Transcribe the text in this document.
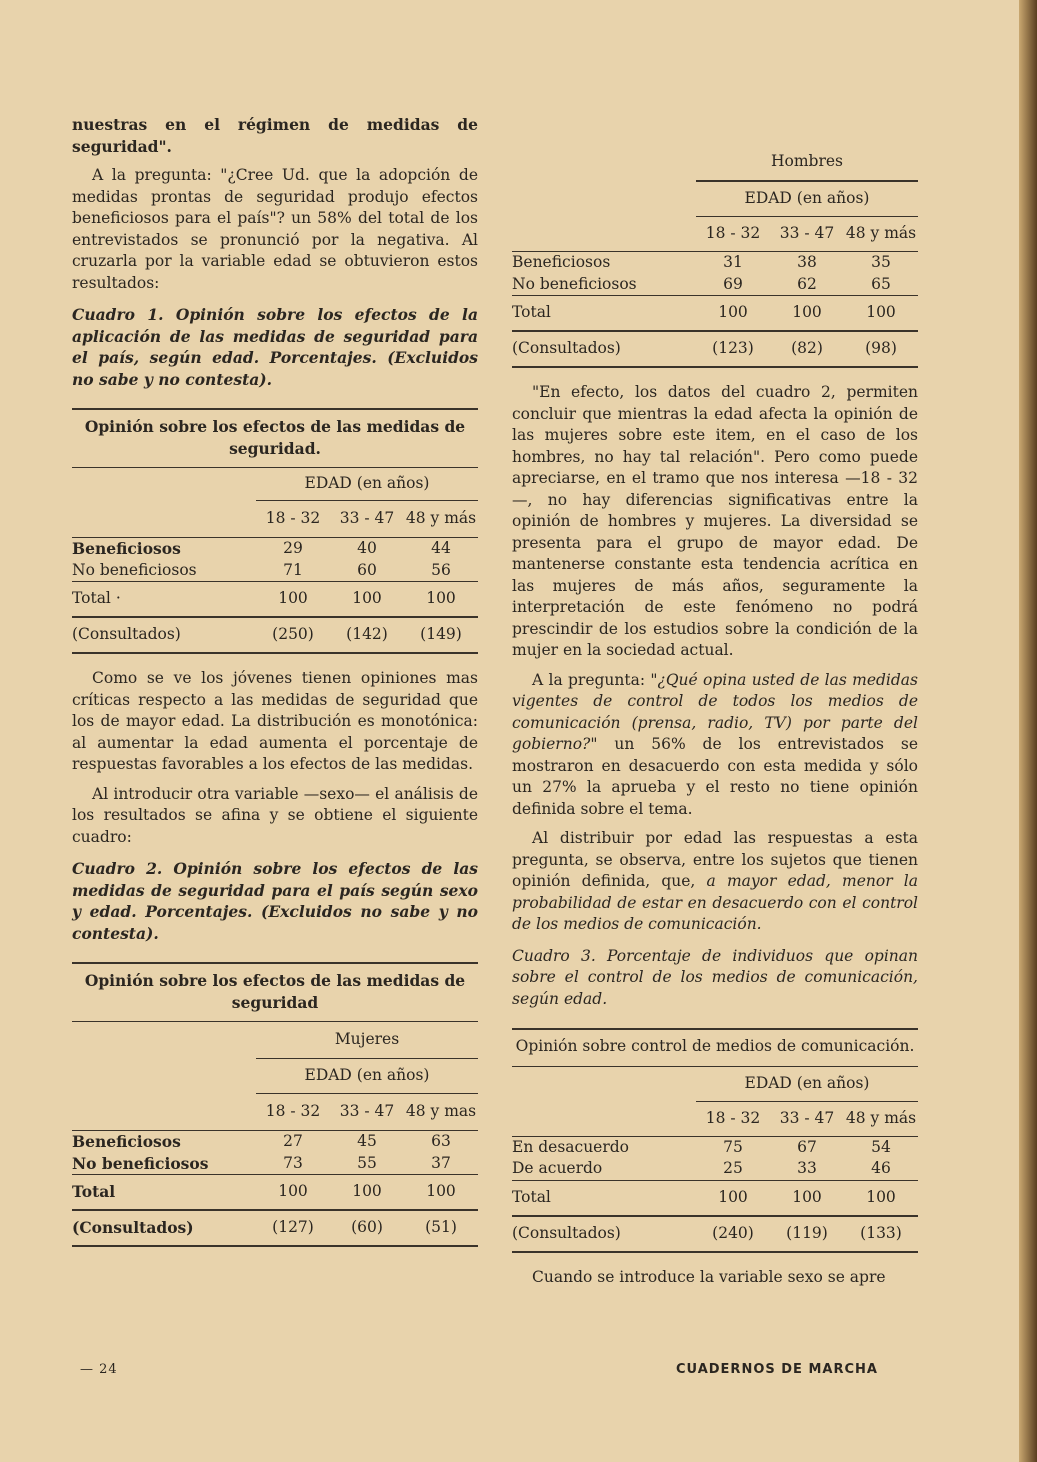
nuestras en el régimen de medidas de seguridad".

A la pregunta: "¿Cree Ud. que la adopción de medidas prontas de seguridad produjo efectos beneficiosos para el país"? un 58% del total de los entrevistados se pronunció por la negativa. Al cruzarla por la variable edad se obtuvieron estos resultados:

Cuadro 1. Opinión sobre los efectos de la aplicación de las medidas de seguridad para el país, según edad. Porcentajes. (Excluidos no sabe y no contesta).

Opinión sobre los efectos de las medidas de seguridad.

	EDAD (en años)		
	18 - 32	33 - 47	48 y más
Beneficiosos	29	40	44
No beneficiosos	71	60	56
Total ·	100	100	100
(Consultados)	(250)	(142)	(149)

Como se ve los jóvenes tienen opiniones mas críticas respecto a las medidas de seguridad que los de mayor edad. La distribución es monotónica: al aumentar la edad aumenta el porcentaje de respuestas favorables a los efectos de las medidas.

Al introducir otra variable —sexo— el análisis de los resultados se afina y se obtiene el siguiente cuadro:

Cuadro 2. Opinión sobre los efectos de las medidas de seguridad para el país según sexo y edad. Porcentajes. (Excluidos no sabe y no contesta).

Opinión sobre los efectos de las medidas de seguridad

	Mujeres		
	EDAD (en años)		
	18 - 32	33 - 47	48 y mas
Beneficiosos	27	45	63
No beneficiosos	73	55	37
Total	100	100	100
(Consultados)	(127)	(60)	(51)
	Hombres		
	EDAD (en años)		
	18 - 32	33 - 47	48 y más
Beneficiosos	31	38	35
No beneficiosos	69	62	65
Total	100	100	100
(Consultados)	(123)	(82)	(98)

"En efecto, los datos del cuadro 2, permiten concluir que mientras la edad afecta la opinión de las mujeres sobre este item, en el caso de los hombres, no hay tal relación". Pero como puede apreciarse, en el tramo que nos interesa —18 - 32—, no hay diferencias significativas entre la opinión de hombres y mujeres. La diversidad se presenta para el grupo de mayor edad. De mantenerse constante esta tendencia acrítica en las mujeres de más años, seguramente la interpretación de este fenómeno no podrá prescindir de los estudios sobre la condición de la mujer en la sociedad actual.

A la pregunta: "¿Qué opina usted de las medidas vigentes de control de todos los medios de comunicación (prensa, radio, TV) por parte del gobierno?" un 56% de los entrevistados se mostraron en desacuerdo con esta medida y sólo un 27% la aprueba y el resto no tiene opinión definida sobre el tema.

Al distribuir por edad las respuestas a esta pregunta, se observa, entre los sujetos que tienen opinión definida, que, a mayor edad, menor la probabilidad de estar en desacuerdo con el control de los medios de comunicación.

Cuadro 3. Porcentaje de individuos que opinan sobre el control de los medios de comunicación, según edad.

Opinión sobre control de medios de comunicación.

	EDAD (en años)		
	18 - 32	33 - 47	48 y más
En desacuerdo	75	67	54
De acuerdo	25	33	46
Total	100	100	100
(Consultados)	(240)	(119)	(133)

Cuando se introduce la variable sexo se apre

— 24	CUADERNOS DE MARCHA
